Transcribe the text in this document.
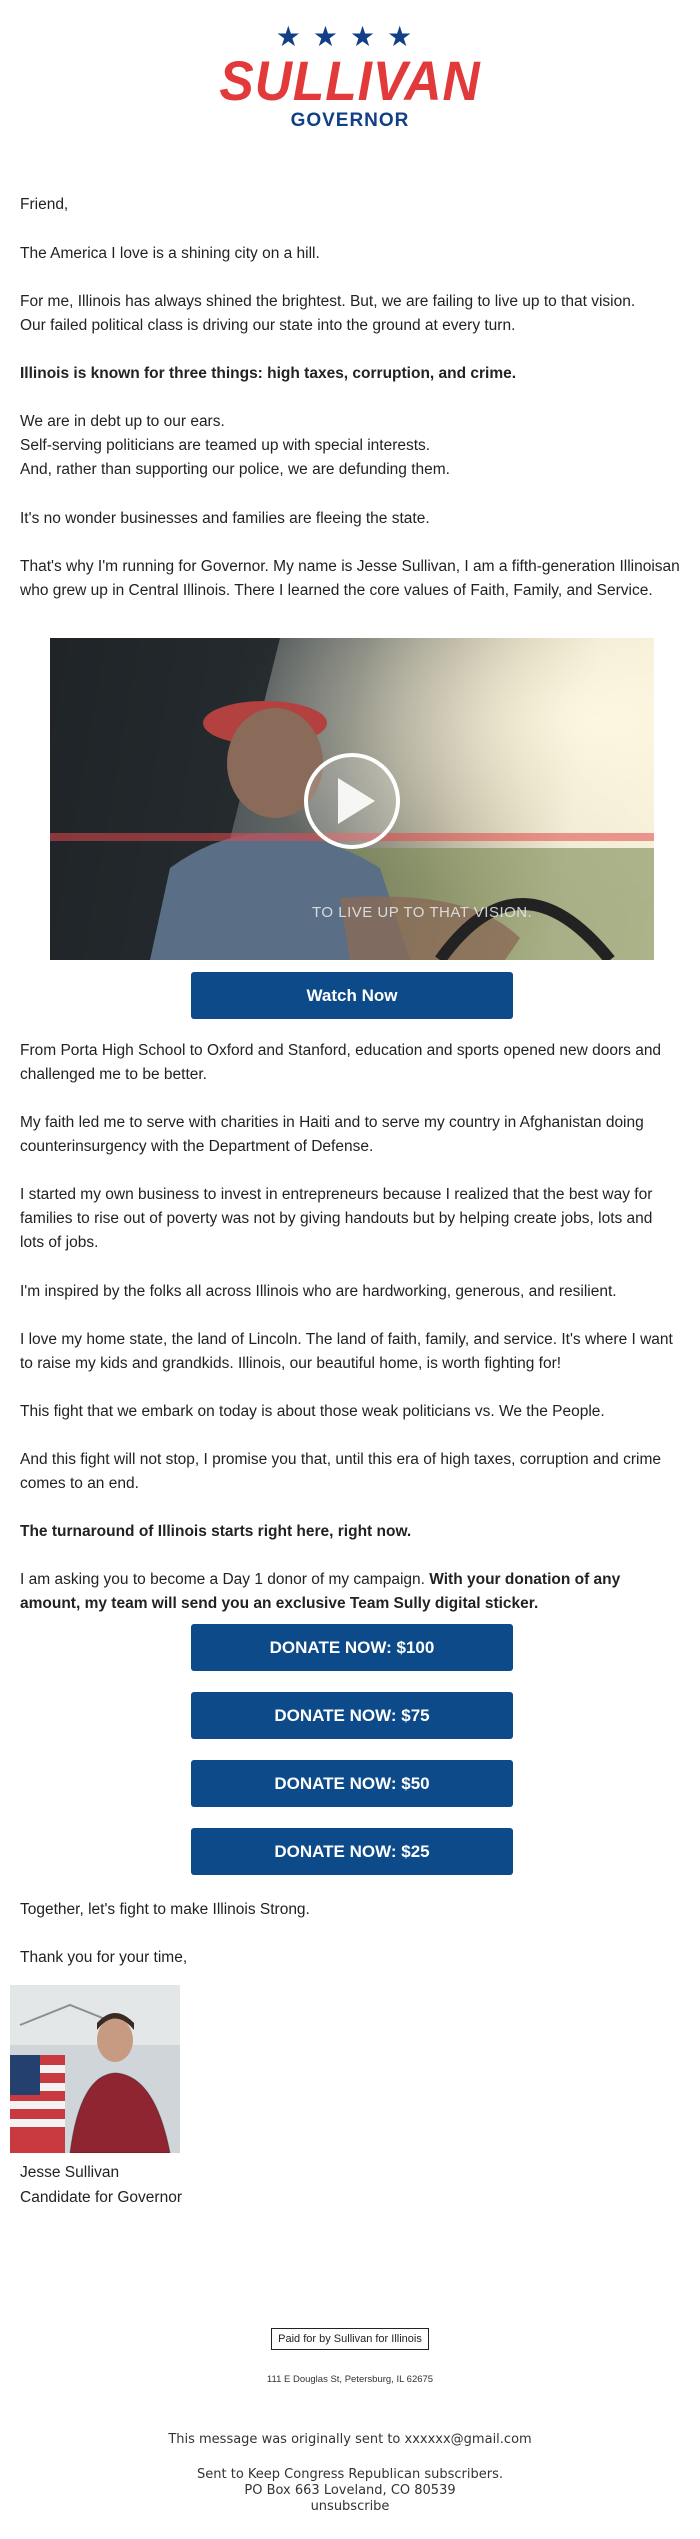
★★★★
SULLIVAN
GOVERNOR
Friend,
The America I love is a shining city on a hill.
For me, Illinois has always shined the brightest. But, we are failing to live up to that vision.
Our failed political class is driving our state into the ground at every turn.
Illinois is known for three things: high taxes, corruption, and crime.
We are in debt up to our ears.
Self-serving politicians are teamed up with special interests.
And, rather than supporting our police, we are defunding them.
It's no wonder businesses and families are fleeing the state.
That's why I'm running for Governor. My name is Jesse Sullivan, I am a fifth-generation Illinoisan who grew up in Central Illinois. There I learned the core values of Faith, Family, and Service.
TO LIVE UP TO THAT VISION.
Watch Now
From Porta High School to Oxford and Stanford, education and sports opened new doors and challenged me to be better.
My faith led me to serve with charities in Haiti and to serve my country in Afghanistan doing counterinsurgency with the Department of Defense.
I started my own business to invest in entrepreneurs because I realized that the best way for families to rise out of poverty was not by giving handouts but by helping create jobs, lots and lots of jobs.
I'm inspired by the folks all across Illinois who are hardworking, generous, and resilient.
I love my home state, the land of Lincoln. The land of faith, family, and service. It's where I want to raise my kids and grandkids. Illinois, our beautiful home, is worth fighting for!
This fight that we embark on today is about those weak politicians vs. We the People.
And this fight will not stop, I promise you that, until this era of high taxes, corruption and crime comes to an end.
The turnaround of Illinois starts right here, right now.
I am asking you to become a Day 1 donor of my campaign. With your donation of any amount, my team will send you an exclusive Team Sully digital sticker.
DONATE NOW: $100
DONATE NOW: $75
DONATE NOW: $50
DONATE NOW: $25
Together, let's fight to make Illinois Strong.
Thank you for your time,
Jesse Sullivan
Candidate for Governor
Paid for by Sullivan for Illinois
111 E Douglas St, Petersburg, IL 62675
This message was originally sent to xxxxxx@gmail.com
Sent to Keep Congress Republican subscribers.
PO Box 663 Loveland, CO 80539
unsubscribe
